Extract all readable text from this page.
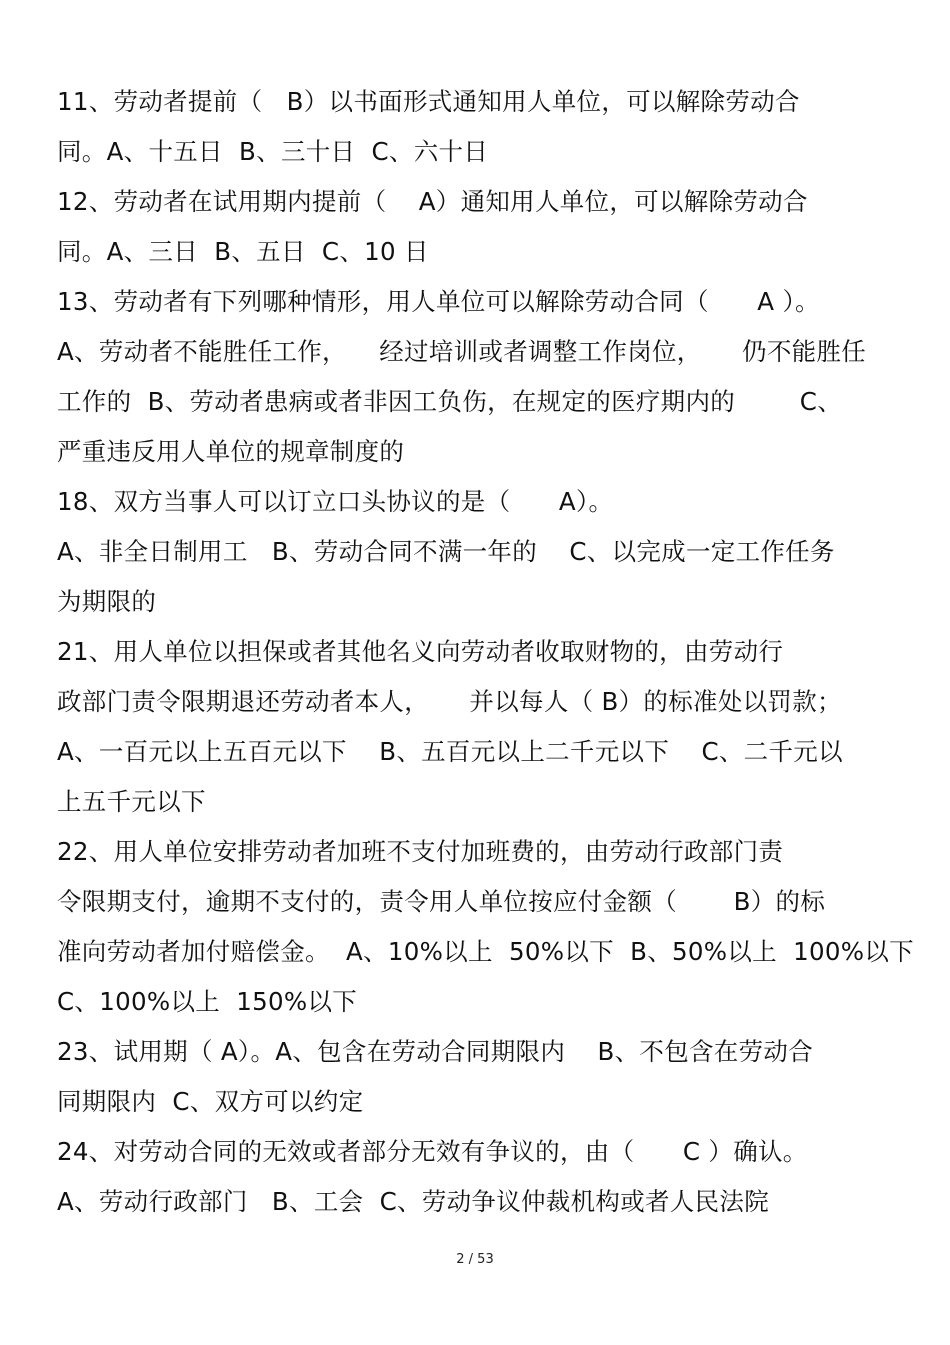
11、劳动者提前（   B）以书面形式通知用人单位，可以解除劳动合
同。A、十五日  B、三十日  C、六十日
12、劳动者在试用期内提前（    A）通知用人单位，可以解除劳动合
同。A、三日  B、五日  C、10 日
13、劳动者有下列哪种情形，用人单位可以解除劳动合同（      A ）。
A、劳动者不能胜任工作，    经过培训或者调整工作岗位，     仍不能胜任
工作的  B、劳动者患病或者非因工负伤，在规定的医疗期内的        C、
严重违反用人单位的规章制度的
18、双方当事人可以订立口头协议的是（      A）。
A、非全日制用工   B、劳动合同不满一年的    C、以完成一定工作任务
为期限的
21、用人单位以担保或者其他名义向劳动者收取财物的，由劳动行
政部门责令限期退还劳动者本人，     并以每人（ B）的标准处以罚款；
A、一百元以上五百元以下    B、五百元以上二千元以下    C、二千元以
上五千元以下
22、用人单位安排劳动者加班不支付加班费的，由劳动行政部门责
令限期支付，逾期不支付的，责令用人单位按应付金额（       B）的标
准向劳动者加付赔偿金。  A、10%以上  50%以下  B、50%以上  100%以下
C、100%以上  150%以下
23、试用期（ A）。A、包含在劳动合同期限内    B、不包含在劳动合
同期限内  C、双方可以约定
24、对劳动合同的无效或者部分无效有争议的，由（      C ）确认。
A、劳动行政部门   B、工会  C、劳动争议仲裁机构或者人民法院
2 / 53
